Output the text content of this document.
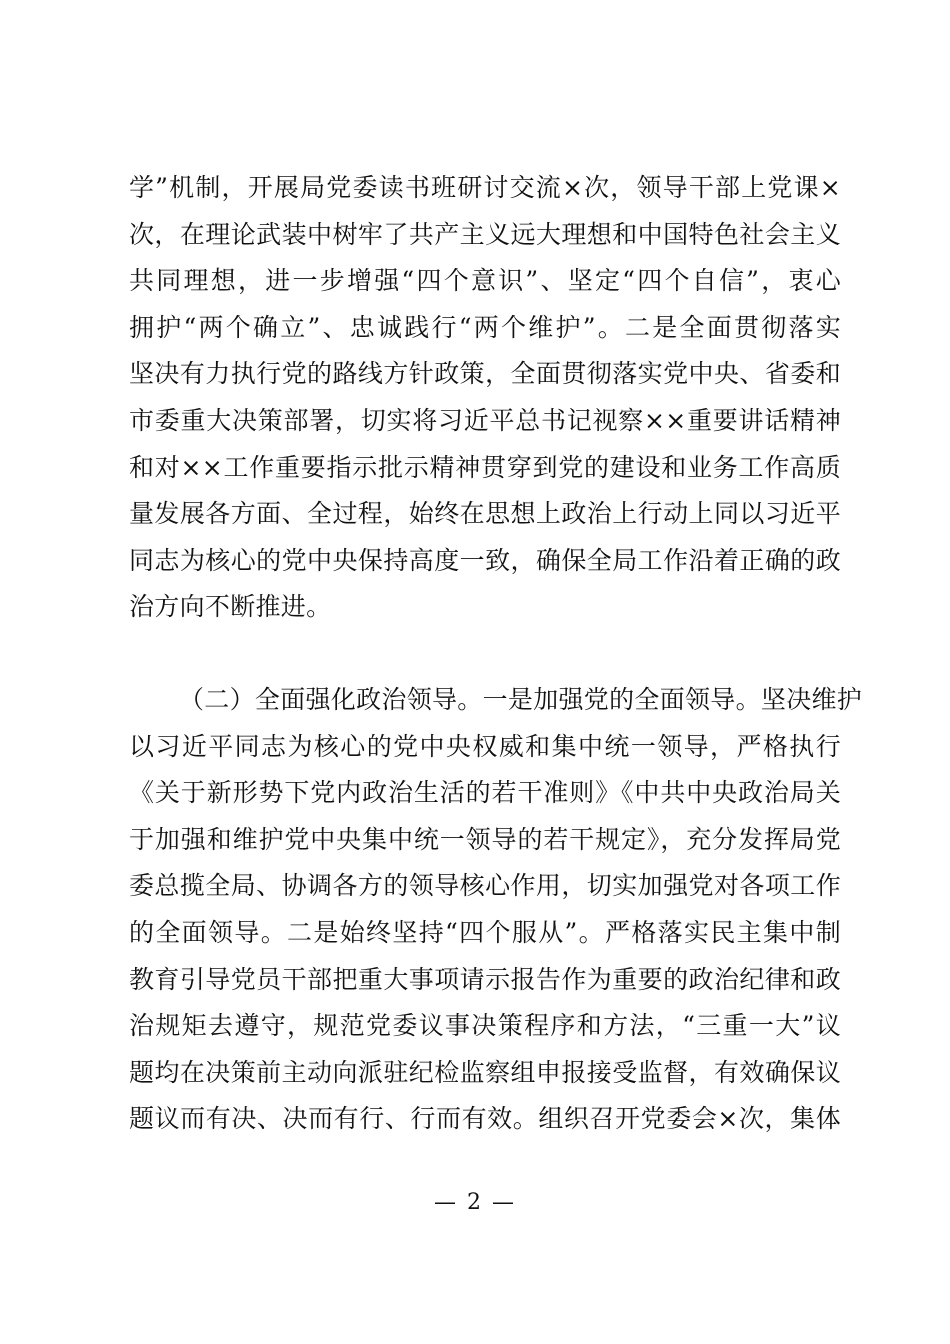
学”机制，开展局党委读书班研讨交流×次，领导干部上党课×
次，在理论武装中树牢了共产主义远大理想和中国特色社会主义
共同理想，进一步增强“四个意识”、坚定“四个自信”，衷心
拥护“两个确立”、忠诚践行“两个维护”。二是全面贯彻落实
坚决有力执行党的路线方针政策，全面贯彻落实党中央、省委和
市委重大决策部署，切实将习近平总书记视察××重要讲话精神
和对××工作重要指示批示精神贯穿到党的建设和业务工作高质
量发展各方面、全过程，始终在思想上政治上行动上同以习近平
同志为核心的党中央保持高度一致，确保全局工作沿着正确的政
治方向不断推进。
（二）全面强化政治领导。一是加强党的全面领导。坚决维护
以习近平同志为核心的党中央权威和集中统一领导，严格执行
《关于新形势下党内政治生活的若干准则》《中共中央政治局关
于加强和维护党中央集中统一领导的若干规定》，充分发挥局党
委总揽全局、协调各方的领导核心作用，切实加强党对各项工作
的全面领导。二是始终坚持“四个服从”。严格落实民主集中制
教育引导党员干部把重大事项请示报告作为重要的政治纪律和政
治规矩去遵守，规范党委议事决策程序和方法，“三重一大”议
题均在决策前主动向派驻纪检监察组申报接受监督，有效确保议
题议而有决、决而有行、行而有效。组织召开党委会×次，集体
— 2 —
